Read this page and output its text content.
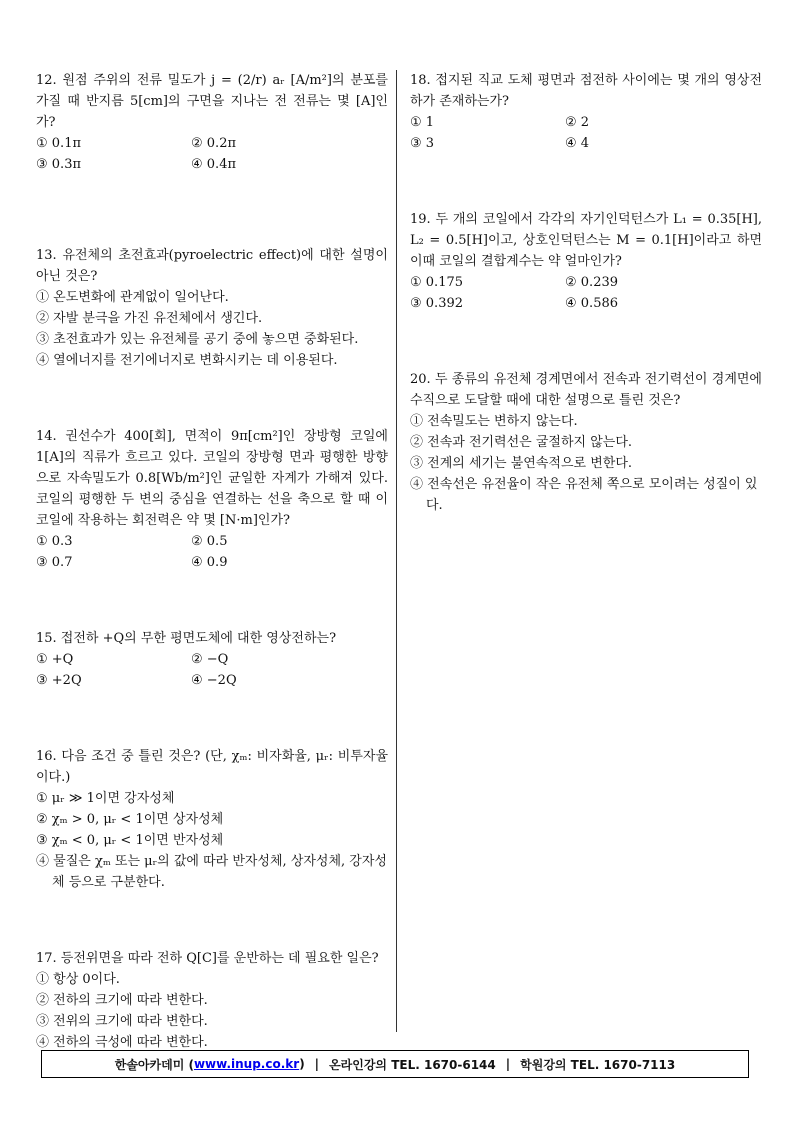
12. 원점 주위의 전류 밀도가 j = (2/r) aᵣ [A/m²]의 분포를 가질 때 반지름 5[cm]의 구면을 지나는 전 전류는 몇 [A]인가?

① 0.1π	② 0.2π
③ 0.3π	④ 0.4π

13. 유전체의 초전효과(pyroelectric effect)에 대한 설명이 아닌 것은?

① 온도변화에 관계없이 일어난다.
② 자발 분극을 가진 유전체에서 생긴다.
③ 초전효과가 있는 유전체를 공기 중에 놓으면 중화된다.
④ 열에너지를 전기에너지로 변화시키는 데 이용된다.

14. 권선수가 400[회], 면적이 9π[cm²]인 장방형 코일에 1[A]의 직류가 흐르고 있다. 코일의 장방형 면과 평행한 방향으로 자속밀도가 0.8[Wb/m²]인 균일한 자계가 가해져 있다. 코일의 평행한 두 변의 중심을 연결하는 선을 축으로 할 때 이 코일에 작용하는 회전력은 약 몇 [N·m]인가?

① 0.3	② 0.5
③ 0.7	④ 0.9

15. 접전하 +Q의 무한 평면도체에 대한 영상전하는?

① +Q	② −Q
③ +2Q	④ −2Q

16. 다음 조건 중 틀린 것은? (단, χₘ: 비자화율, μᵣ: 비투자율이다.)

① μᵣ ≫ 1이면 강자성체
② χₘ > 0, μᵣ < 1이면 상자성체
③ χₘ < 0, μᵣ < 1이면 반자성체
④ 물질은 χₘ 또는 μᵣ의 값에 따라 반자성체, 상자성체, 강자성체 등으로 구분한다.

17. 등전위면을 따라 전하 Q[C]를 운반하는 데 필요한 일은?

① 항상 0이다.
② 전하의 크기에 따라 변한다.
③ 전위의 크기에 따라 변한다.
④ 전하의 극성에 따라 변한다.

18. 접지된 직교 도체 평면과 점전하 사이에는 몇 개의 영상전하가 존재하는가?

① 1	② 2
③ 3	④ 4

19. 두 개의 코일에서 각각의 자기인덕턴스가 L₁ = 0.35[H], L₂ = 0.5[H]이고, 상호인덕턴스는 M = 0.1[H]이라고 하면 이때 코일의 결합계수는 약 얼마인가?

① 0.175	② 0.239
③ 0.392	④ 0.586

20. 두 종류의 유전체 경계면에서 전속과 전기력선이 경계면에 수직으로 도달할 때에 대한 설명으로 틀린 것은?

① 전속밀도는 변하지 않는다.
② 전속과 전기력선은 굴절하지 않는다.
③ 전계의 세기는 불연속적으로 변한다.
④ 전속선은 유전율이 작은 유전체 쪽으로 모이려는 성질이 있다.
한솔아카데미 ( www.inup.co.kr ) | 온라인강의 TEL. 1670-6144 | 학원강의 TEL. 1670-7113
